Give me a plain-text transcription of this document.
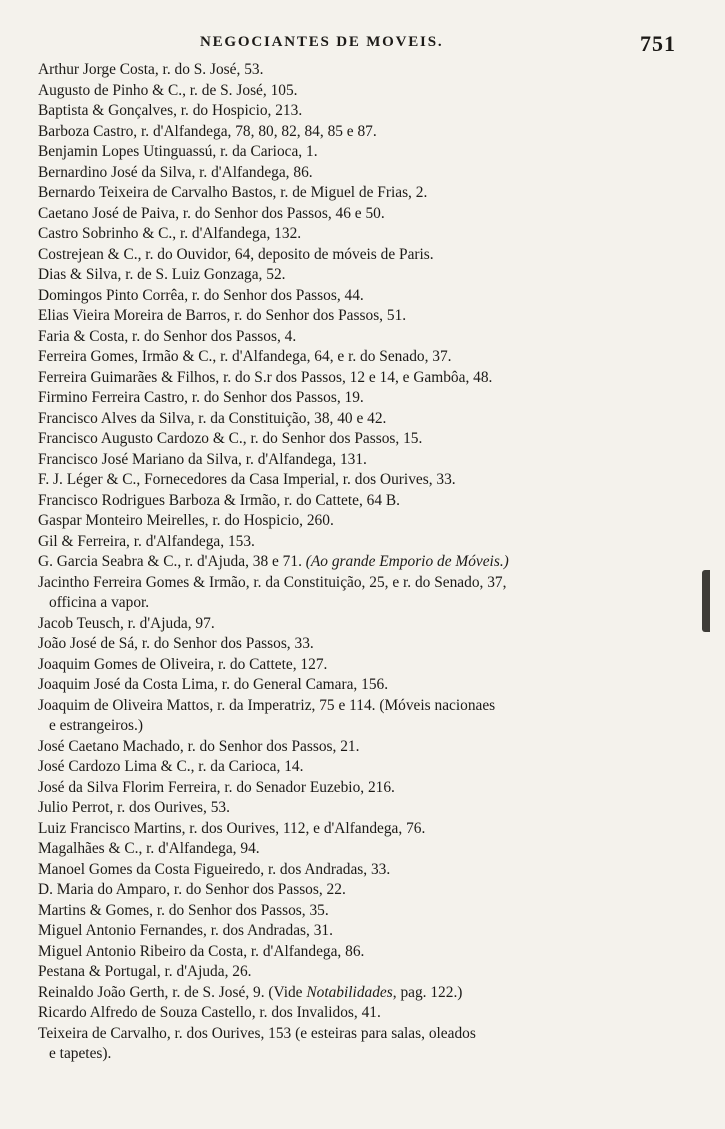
NEGOCIANTES DE MOVEIS.	751
Arthur Jorge Costa, r. do S. José, 53.
Augusto de Pinho & C., r. de S. José, 105.
Baptista & Gonçalves, r. do Hospicio, 213.
Barboza Castro, r. d'Alfandega, 78, 80, 82, 84, 85 e 87.
Benjamin Lopes Utinguassú, r. da Carioca, 1.
Bernardino José da Silva, r. d'Alfandega, 86.
Bernardo Teixeira de Carvalho Bastos, r. de Miguel de Frias, 2.
Caetano José de Paiva, r. do Senhor dos Passos, 46 e 50.
Castro Sobrinho & C., r. d'Alfandega, 132.
Costrejean & C., r. do Ouvidor, 64, deposito de móveis de Paris.
Dias & Silva, r. de S. Luiz Gonzaga, 52.
Domingos Pinto Corrêa, r. do Senhor dos Passos, 44.
Elias Vieira Moreira de Barros, r. do Senhor dos Passos, 51.
Faria & Costa, r. do Senhor dos Passos, 4.
Ferreira Gomes, Irmão & C., r. d'Alfandega, 64, e r. do Senado, 37.
Ferreira Guimarães & Filhos, r. do S.r dos Passos, 12 e 14, e Gambôa, 48.
Firmino Ferreira Castro, r. do Senhor dos Passos, 19.
Francisco Alves da Silva, r. da Constituição, 38, 40 e 42.
Francisco Augusto Cardozo & C., r. do Senhor dos Passos, 15.
Francisco José Mariano da Silva, r. d'Alfandega, 131.
F. J. Léger & C., Fornecedores da Casa Imperial, r. dos Ourives, 33.
Francisco Rodrigues Barboza & Irmão, r. do Cattete, 64 B.
Gaspar Monteiro Meirelles, r. do Hospicio, 260.
Gil & Ferreira, r. d'Alfandega, 153.
G. Garcia Seabra & C., r. d'Ajuda, 38 e 71. (Ao grande Emporio de Móveis.)
Jacintho Ferreira Gomes & Irmão, r. da Constituição, 25, e r. do Senado, 37,
officina a vapor.
Jacob Teusch, r. d'Ajuda, 97.
João José de Sá, r. do Senhor dos Passos, 33.
Joaquim Gomes de Oliveira, r. do Cattete, 127.
Joaquim José da Costa Lima, r. do General Camara, 156.
Joaquim de Oliveira Mattos, r. da Imperatriz, 75 e 114. (Móveis nacionaes
e estrangeiros.)
José Caetano Machado, r. do Senhor dos Passos, 21.
José Cardozo Lima & C., r. da Carioca, 14.
José da Silva Florim Ferreira, r. do Senador Euzebio, 216.
Julio Perrot, r. dos Ourives, 53.
Luiz Francisco Martins, r. dos Ourives, 112, e d'Alfandega, 76.
Magalhães & C., r. d'Alfandega, 94.
Manoel Gomes da Costa Figueiredo, r. dos Andradas, 33.
D. Maria do Amparo, r. do Senhor dos Passos, 22.
Martins & Gomes, r. do Senhor dos Passos, 35.
Miguel Antonio Fernandes, r. dos Andradas, 31.
Miguel Antonio Ribeiro da Costa, r. d'Alfandega, 86.
Pestana & Portugal, r. d'Ajuda, 26.
Reinaldo João Gerth, r. de S. José, 9. (Vide Notabilidades, pag. 122.)
Ricardo Alfredo de Souza Castello, r. dos Invalidos, 41.
Teixeira de Carvalho, r. dos Ourives, 153 (e esteiras para salas, oleados
e tapetes).
